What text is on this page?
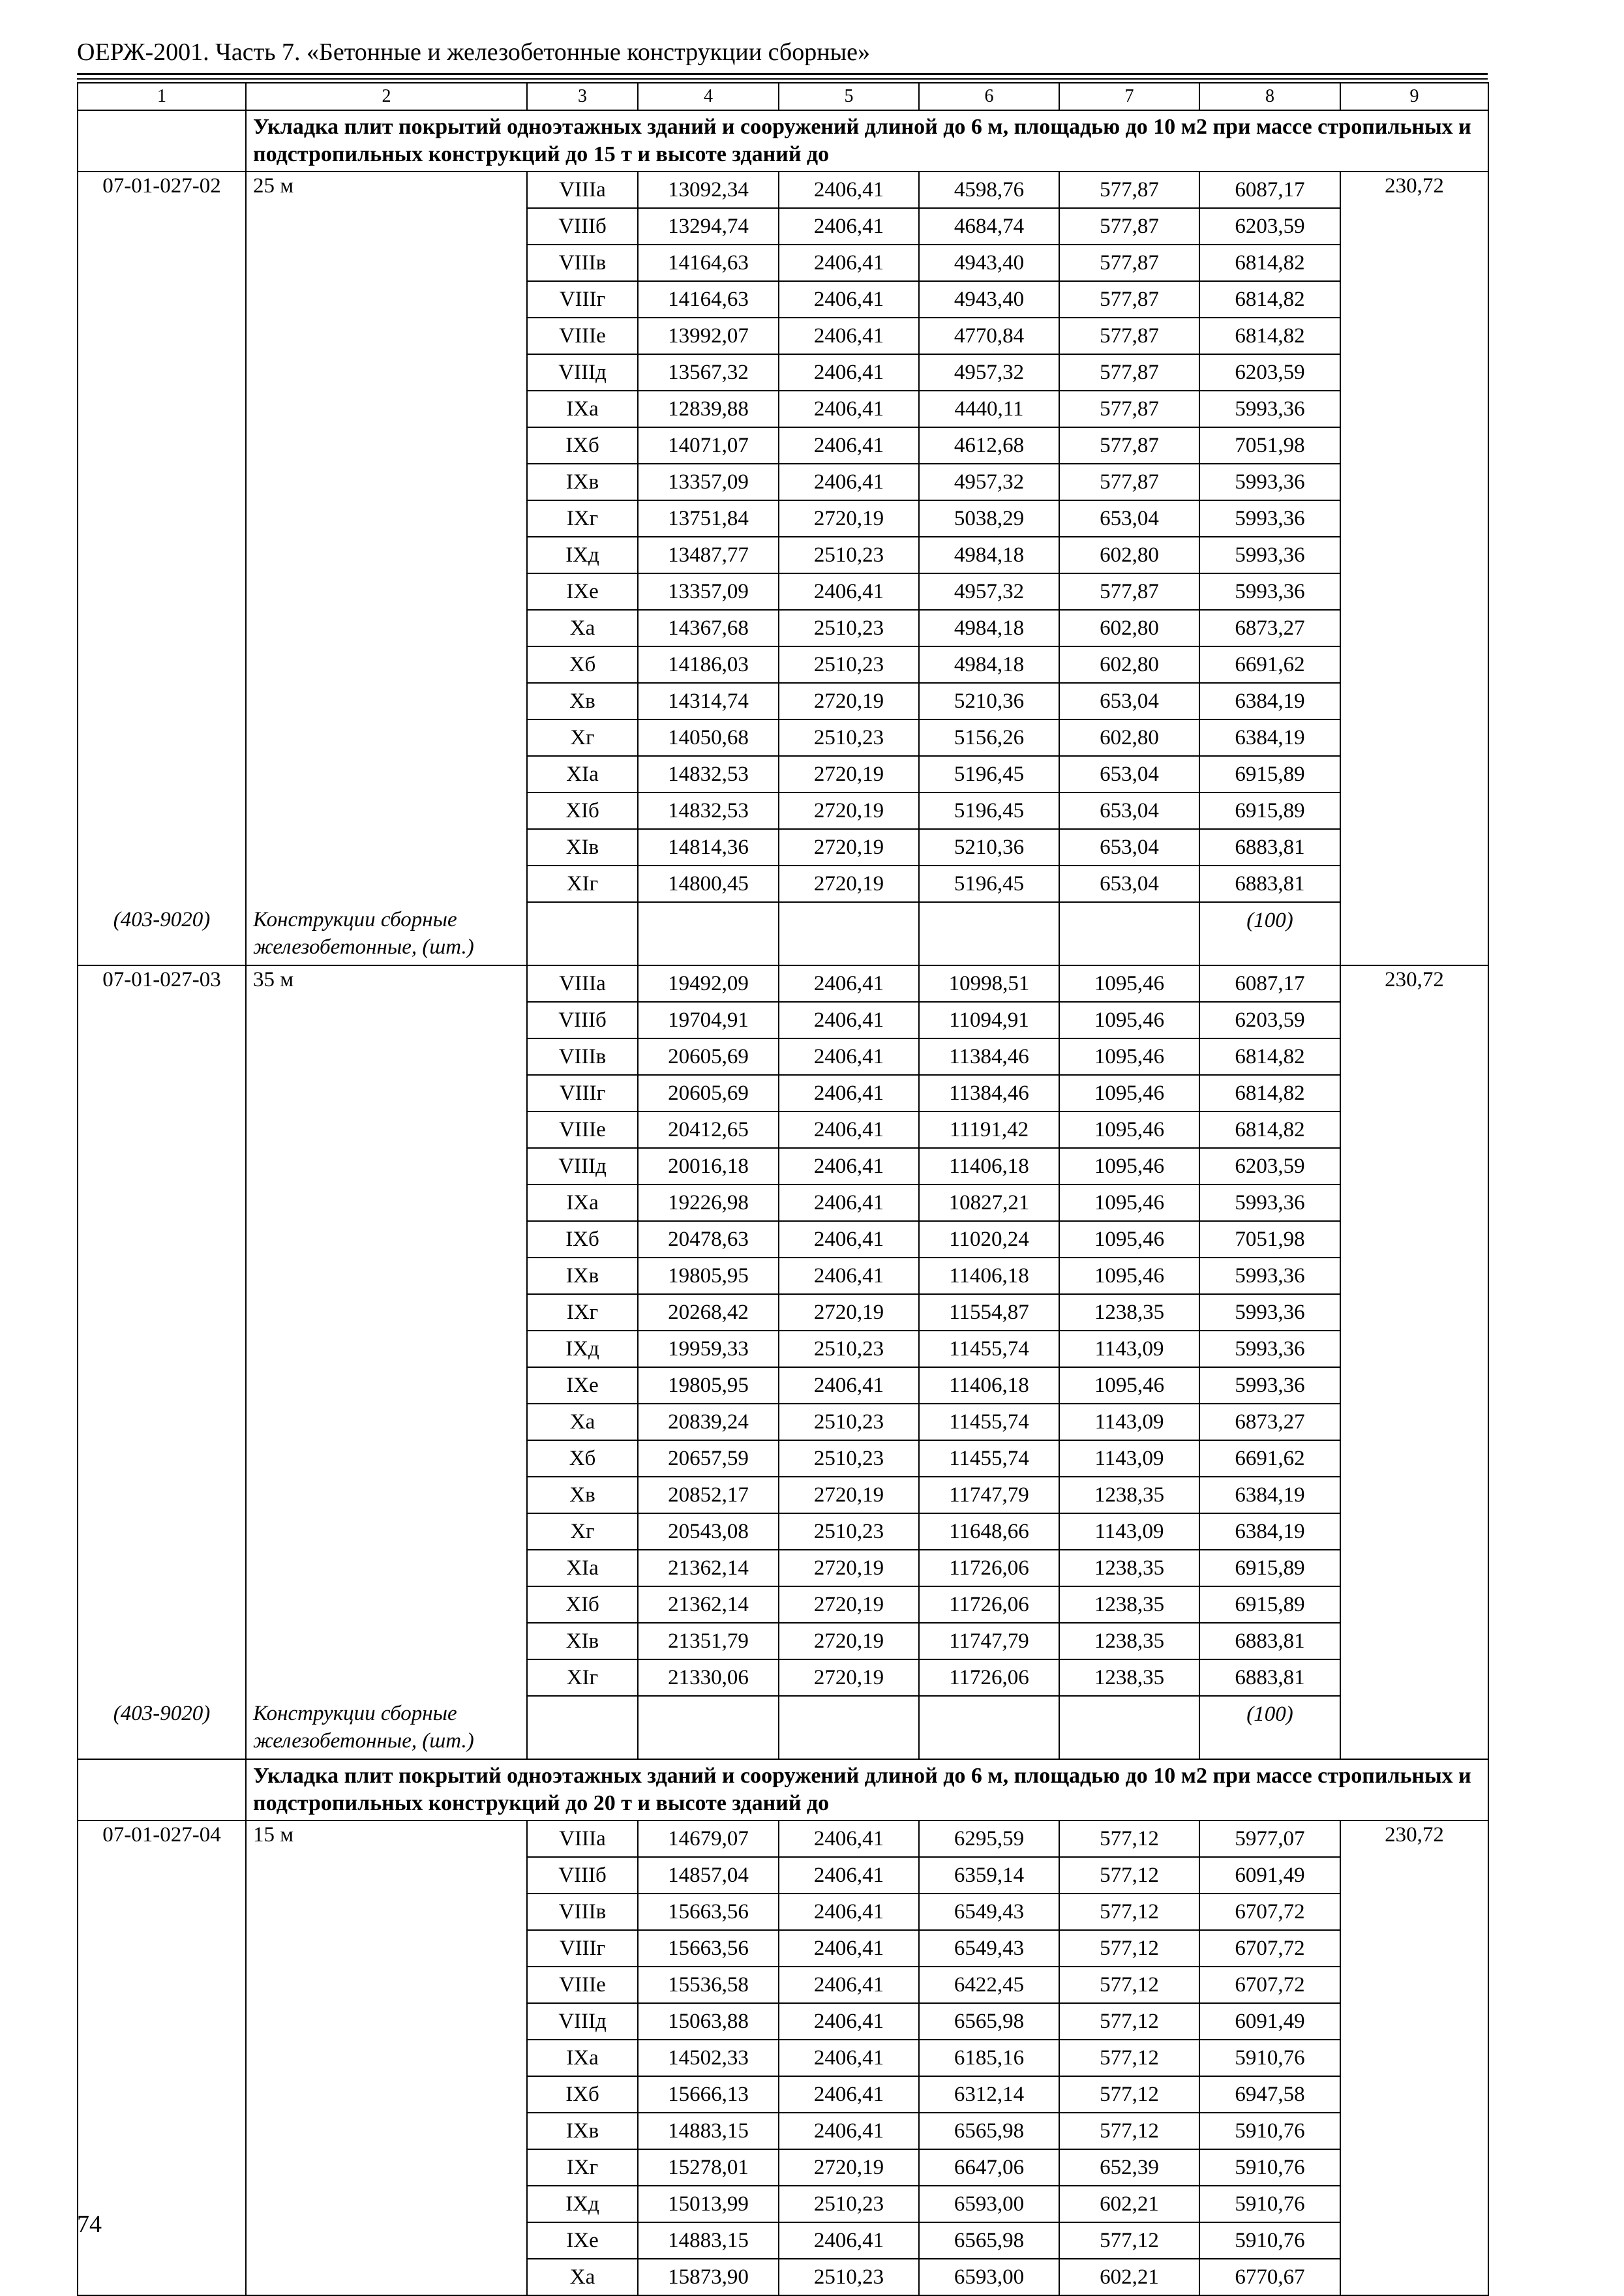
ОЕРЖ-2001. Часть 7. «Бетонные и железобетонные конструкции сборные»
1	2	3	4	5	6	7	8	9
	Укладка плит покрытий одноэтажных зданий и сооружений длиной до 6 м, площадью до 10 м2 при массе стропильных и подстропильных конструкций до 15 т и высоте зданий до							
07-01-027-02	25 м	VIIIа	13092,34	2406,41	4598,76	577,87	6087,17	230,72
		VIIIб	13294,74	2406,41	4684,74	577,87	6203,59	
		VIIIв	14164,63	2406,41	4943,40	577,87	6814,82	
		VIIIг	14164,63	2406,41	4943,40	577,87	6814,82	
		VIIIе	13992,07	2406,41	4770,84	577,87	6814,82	
		VIIIд	13567,32	2406,41	4957,32	577,87	6203,59	
		IXа	12839,88	2406,41	4440,11	577,87	5993,36	
		IXб	14071,07	2406,41	4612,68	577,87	7051,98	
		IXв	13357,09	2406,41	4957,32	577,87	5993,36	
		IXг	13751,84	2720,19	5038,29	653,04	5993,36	
		IXд	13487,77	2510,23	4984,18	602,80	5993,36	
		IXе	13357,09	2406,41	4957,32	577,87	5993,36	
		Xа	14367,68	2510,23	4984,18	602,80	6873,27	
		Xб	14186,03	2510,23	4984,18	602,80	6691,62	
		Xв	14314,74	2720,19	5210,36	653,04	6384,19	
		Xг	14050,68	2510,23	5156,26	602,80	6384,19	
		XIа	14832,53	2720,19	5196,45	653,04	6915,89	
		XIб	14832,53	2720,19	5196,45	653,04	6915,89	
		XIв	14814,36	2720,19	5210,36	653,04	6883,81	
		XIг	14800,45	2720,19	5196,45	653,04	6883,81	
(403-9020)	Конструкции сборные железобетонные, (шт.)						(100)	
07-01-027-03	35 м	VIIIа	19492,09	2406,41	10998,51	1095,46	6087,17	230,72
		VIIIб	19704,91	2406,41	11094,91	1095,46	6203,59	
		VIIIв	20605,69	2406,41	11384,46	1095,46	6814,82	
		VIIIг	20605,69	2406,41	11384,46	1095,46	6814,82	
		VIIIе	20412,65	2406,41	11191,42	1095,46	6814,82	
		VIIIд	20016,18	2406,41	11406,18	1095,46	6203,59	
		IXа	19226,98	2406,41	10827,21	1095,46	5993,36	
		IXб	20478,63	2406,41	11020,24	1095,46	7051,98	
		IXв	19805,95	2406,41	11406,18	1095,46	5993,36	
		IXг	20268,42	2720,19	11554,87	1238,35	5993,36	
		IXд	19959,33	2510,23	11455,74	1143,09	5993,36	
		IXе	19805,95	2406,41	11406,18	1095,46	5993,36	
		Xа	20839,24	2510,23	11455,74	1143,09	6873,27	
		Xб	20657,59	2510,23	11455,74	1143,09	6691,62	
		Xв	20852,17	2720,19	11747,79	1238,35	6384,19	
		Xг	20543,08	2510,23	11648,66	1143,09	6384,19	
		XIа	21362,14	2720,19	11726,06	1238,35	6915,89	
		XIб	21362,14	2720,19	11726,06	1238,35	6915,89	
		XIв	21351,79	2720,19	11747,79	1238,35	6883,81	
		XIг	21330,06	2720,19	11726,06	1238,35	6883,81	
(403-9020)	Конструкции сборные железобетонные, (шт.)						(100)	
	Укладка плит покрытий одноэтажных зданий и сооружений длиной до 6 м, площадью до 10 м2 при массе стропильных и подстропильных конструкций до 20 т и высоте зданий до							
07-01-027-04	15 м	VIIIа	14679,07	2406,41	6295,59	577,12	5977,07	230,72
		VIIIб	14857,04	2406,41	6359,14	577,12	6091,49	
		VIIIв	15663,56	2406,41	6549,43	577,12	6707,72	
		VIIIг	15663,56	2406,41	6549,43	577,12	6707,72	
		VIIIе	15536,58	2406,41	6422,45	577,12	6707,72	
		VIIIд	15063,88	2406,41	6565,98	577,12	6091,49	
		IXа	14502,33	2406,41	6185,16	577,12	5910,76	
		IXб	15666,13	2406,41	6312,14	577,12	6947,58	
		IXв	14883,15	2406,41	6565,98	577,12	5910,76	
		IXг	15278,01	2720,19	6647,06	652,39	5910,76	
		IXд	15013,99	2510,23	6593,00	602,21	5910,76	
		IXе	14883,15	2406,41	6565,98	577,12	5910,76	
		Xа	15873,90	2510,23	6593,00	602,21	6770,67	
74
